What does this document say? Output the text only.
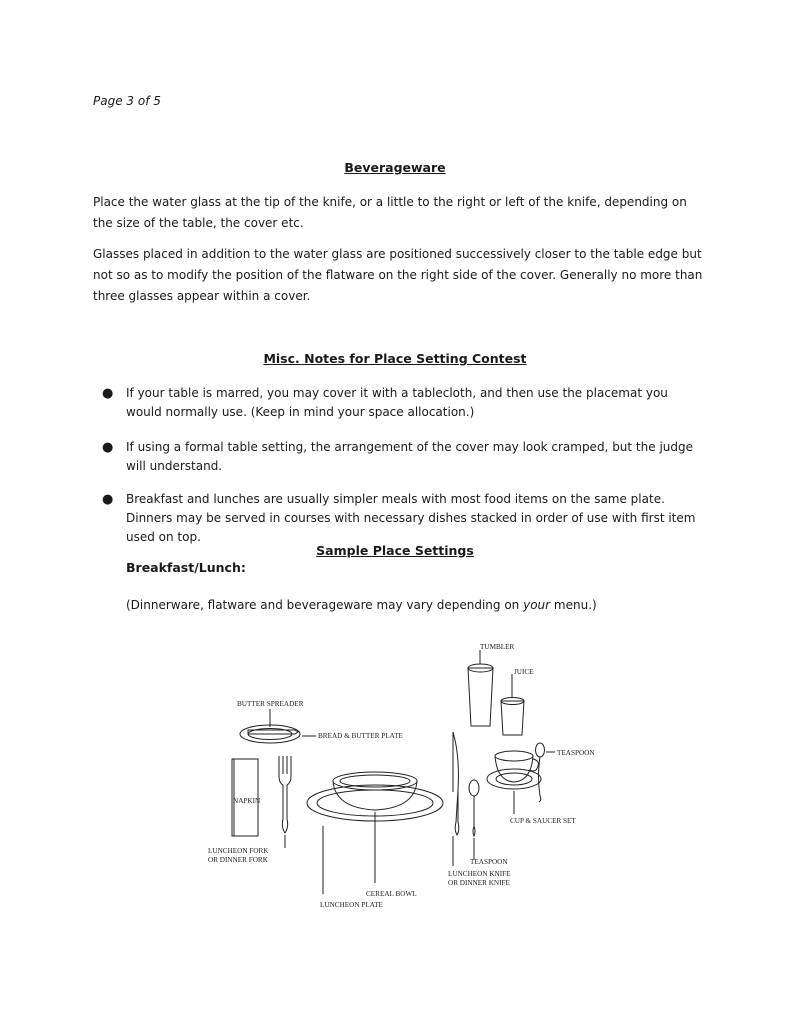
Page 3 of 5
Beverageware

Place the water glass at the tip of the knife, or a little to the right or left of the knife, depending on the size of the table, the cover etc.

Glasses placed in addition to the water glass are positioned successively closer to the table edge but not so as to modify the position of the flatware on the right side of the cover. Generally no more than three glasses appear within a cover.

Misc. Notes for Place Setting Contest
● If your table is marred, you may cover it with a tablecloth, and then use the placemat you would normally use. (Keep in mind your space allocation.)
● If using a formal table setting, the arrangement of the cover may look cramped, but the judge will understand.
● Breakfast and lunches are usually simpler meals with most food items on the same plate. Dinners may be served in courses with necessary dishes stacked in order of use with first item used on top.
Sample Place Settings
Breakfast/Lunch:
(Dinnerware, flatware and beverageware may vary depending on your menu.)
TUMBLER
JUICE
BUTTER SPREADER
BREAD & BUTTER PLATE
TEASPOON
NAPKIN
CUP & SAUCER SET
LUNCHEON FORK
OR DINNER FORK	TEASPOON
LUNCHEON KNIFE
OR DINNER KNIFE
CEREAL BOWL
LUNCHEON PLATE
